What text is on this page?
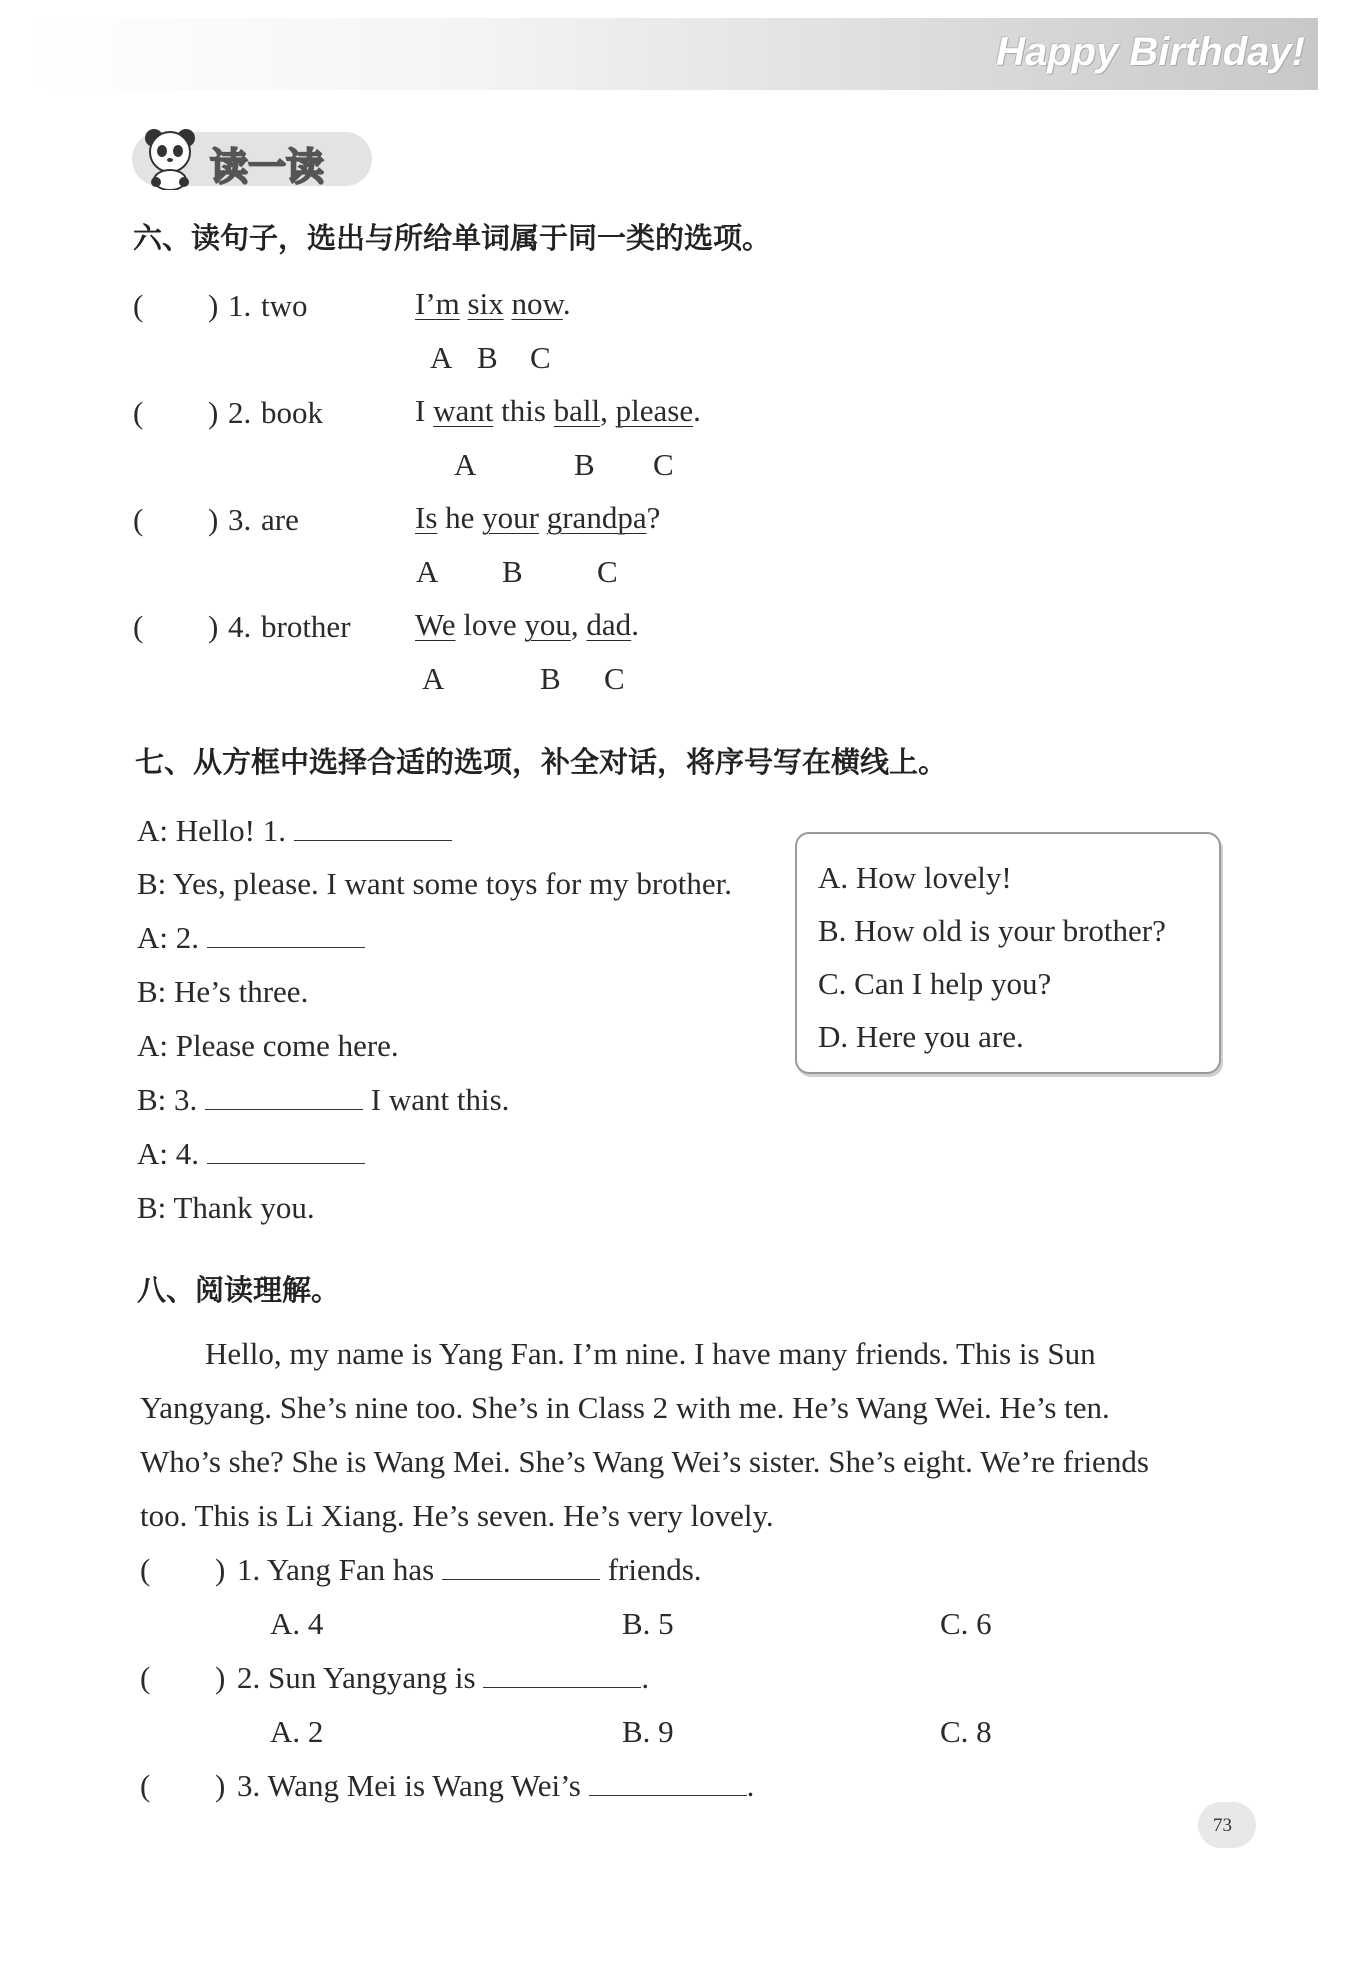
Happy Birthday!
读一读
六、读句子，选出与所给单词属于同一类的选项。
( ) 1. two	I’m six now.
A B C
( ) 2. book	I want this ball, please.
A	B C
( ) 3. are	Is he your grandpa?
A B C
( ) 4. brother We love you, dad.
A	B C
七、从方框中选择合适的选项，补全对话，将序号写在横线上。
A: Hello! 1.
B: Yes, please. I want some toys for my brother.
A: 2.
B: He’s three.
A: Please come here.
B: 3.	I want this.
A: 4.
B: Thank you.
A. How lovely!
B. How old is your brother?
C. Can I help you?
D. Here you are.
八、阅读理解。
Hello, my name is Yang Fan. I’m nine. I have many friends. This is Sun
Yangyang. She’s nine too. She’s in Class 2 with me. He’s Wang Wei. He’s ten.
Who’s she? She is Wang Mei. She’s Wang Wei’s sister. She’s eight. We’re friends
too. This is Li Xiang. He’s seven. He’s very lovely.
( ) 1. Yang Fan has	friends.
A. 4	B. 5	C. 6
( ) 2. Sun Yangyang is	.
A. 2	B. 9	C. 8
( ) 3. Wang Mei is Wang Wei’s	.
73
